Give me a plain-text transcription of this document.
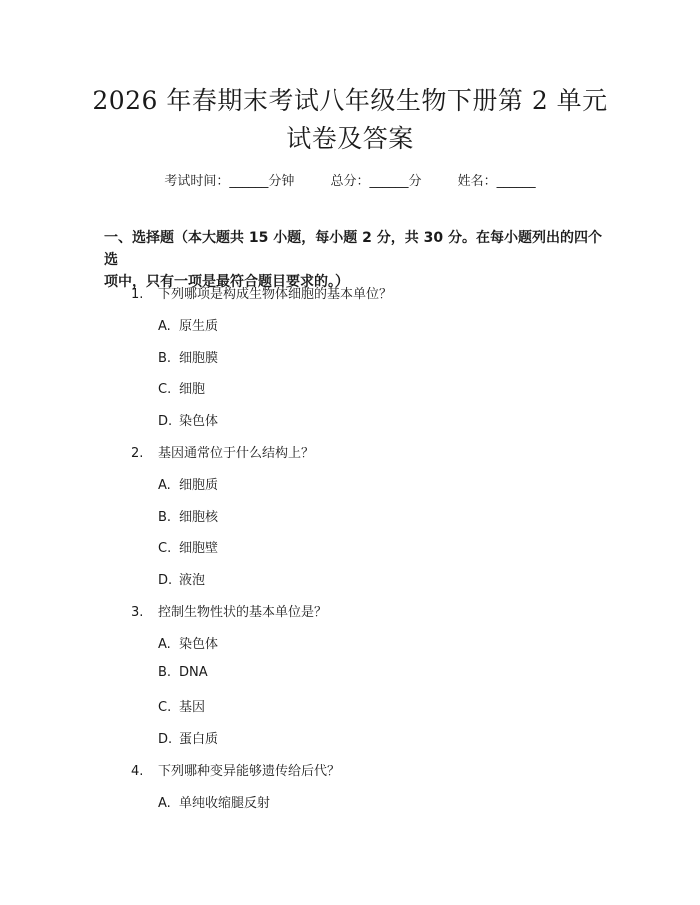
2026 年春期末考试八年级生物下册第 2 单元
试卷及答案
考试时间：______分钟	总分：______分	姓名：______
一、选择题（本大题共 15 小题，每小题 2 分，共 30 分。在每小题列出的四个选
项中，只有一项是最符合题目要求的。）
1. 下列哪项是构成生物体细胞的基本单位？
A. 原生质
B. 细胞膜
C. 细胞
D. 染色体
2. 基因通常位于什么结构上？
A. 细胞质
B. 细胞核
C. 细胞壁
D. 液泡
3. 控制生物性状的基本单位是？
A. 染色体
B. DNA
C. 基因
D. 蛋白质
4. 下列哪种变异能够遗传给后代？
A. 单纯收缩腿反射
